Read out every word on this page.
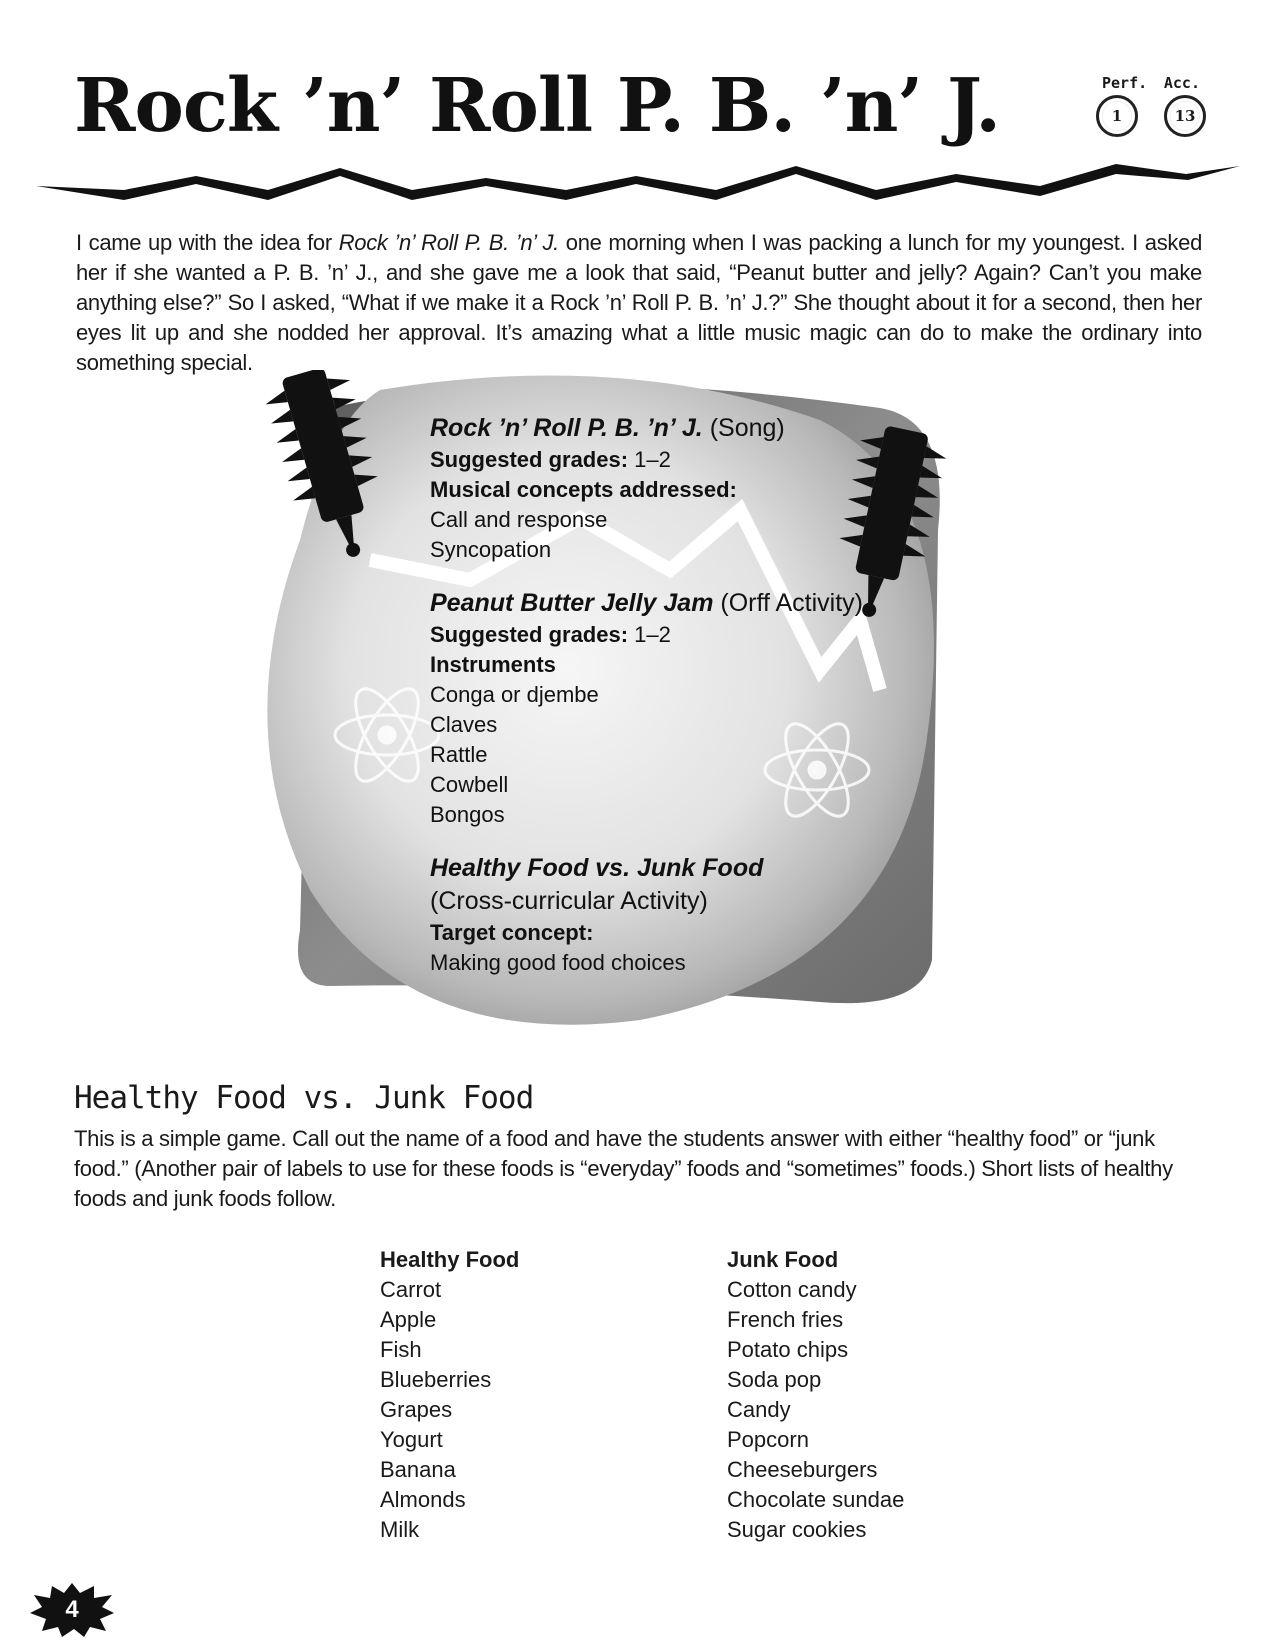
Rock ’n’ Roll P. B. ’n’ J.	Perf. Acc.
1	13

I came up with the idea for Rock ’n’ Roll P. B. ’n’ J. one morning when I was packing a lunch for my youngest. I asked her if she wanted a P. B. ’n’ J., and she gave me a look that said, “Peanut butter and jelly? Again? Can’t you make anything else?” So I asked, “What if we make it a Rock ’n’ Roll P. B. ’n’ J.?” She thought about it for a second, then her eyes lit up and she nodded her approval. It’s amazing what a little music magic can do to make the ordinary into something special.

Rock ’n’ Roll P. B. ’n’ J. (Song)
Suggested grades: 1–2
Musical concepts addressed:
Call and response
Syncopation
Peanut Butter Jelly Jam (Orff Activity)
Suggested grades: 1–2
Instruments
Conga or djembe
Claves
Rattle
Cowbell
Bongos
Healthy Food vs. Junk Food
(Cross-curricular Activity)
Target concept:
Making good food choices
Healthy Food vs. Junk Food

This is a simple game. Call out the name of a food and have the students answer with either “healthy food” or “junk food.” (Another pair of labels to use for these foods is “everyday” foods and “sometimes” foods.) Short lists of healthy foods and junk foods follow.

Healthy Food
Carrot
Apple
Fish
Blueberries
Grapes
Yogurt
Banana
Almonds
Milk
Junk Food
Cotton candy
French fries
Potato chips
Soda pop
Candy
Popcorn
Cheeseburgers
Chocolate sundae
Sugar cookies
4
